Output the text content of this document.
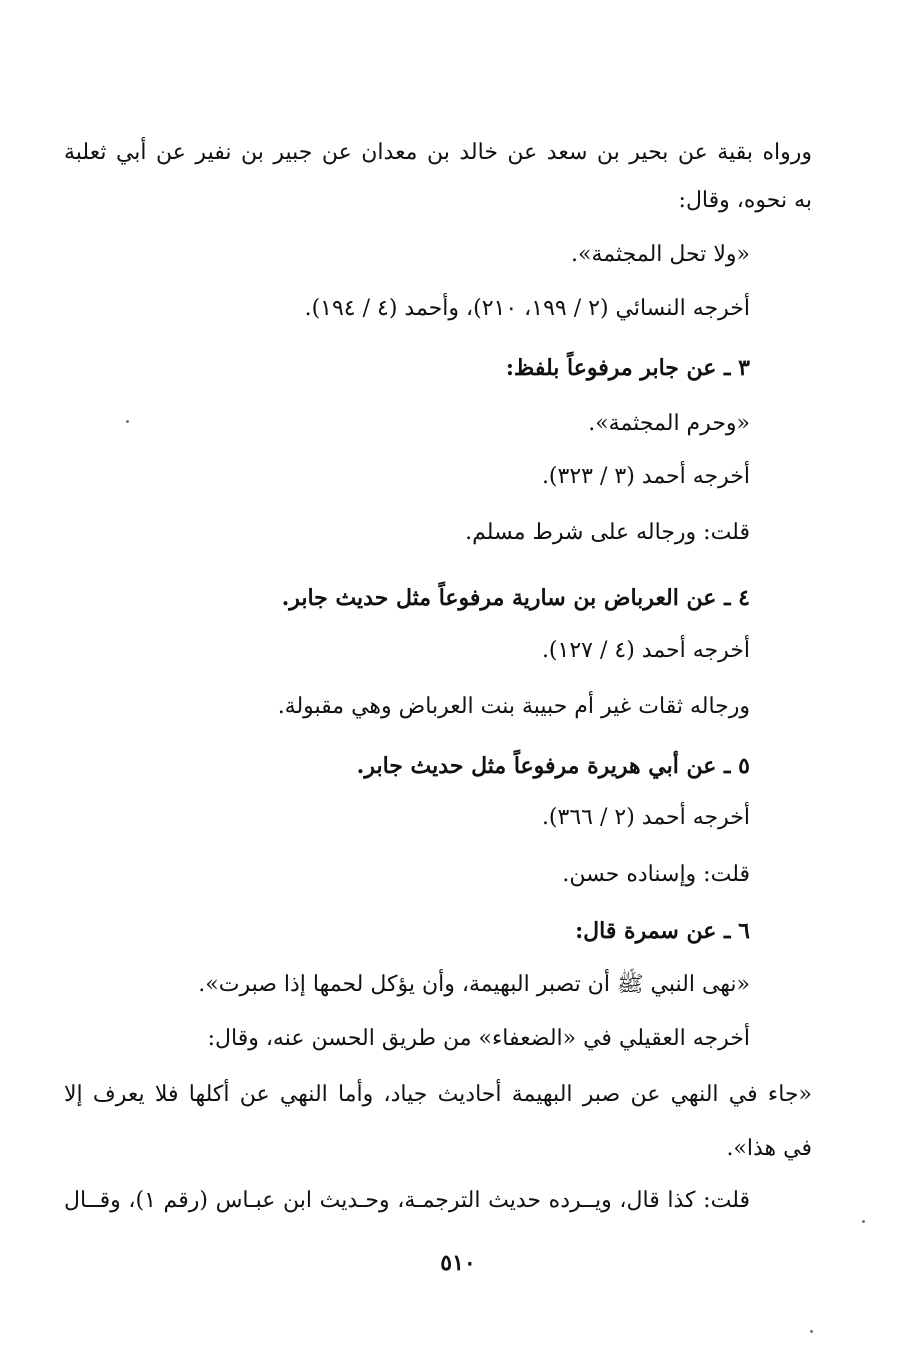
ورواه بقية عن بحير بن سعد عن خالد بن معدان عن جبير بن نفير عن أبي ثعلبة

به نحوه، وقال:

«ولا تحل المجثمة».

أخرجه النسائي (٢ / ١٩٩، ٢١٠)، وأحمد (٤ / ١٩٤).

٣ ـ عن جابر مرفوعاً بلفظ:

«وحرم المجثمة».

أخرجه أحمد (٣ / ٣٢٣).

قلت: ورجاله على شرط مسلم.

٤ ـ عن العرباض بن سارية مرفوعاً مثل حديث جابر.

أخرجه أحمد (٤ / ١٢٧).

ورجاله ثقات غير أم حبيبة بنت العرباض وهي مقبولة.

٥ ـ عن أبي هريرة مرفوعاً مثل حديث جابر.

أخرجه أحمد (٢ / ٣٦٦).

قلت: وإسناده حسن.

٦ ـ عن سمرة قال:

«نهى النبي ﷺ أن تصبر البهيمة، وأن يؤكل لحمها إذا صبرت».

أخرجه العقيلي في «الضعفاء» من طريق الحسن عنه، وقال:

«جاء في النهي عن صبر البهيمة أحاديث جياد، وأما النهي عن أكلها فلا يعرف إلا

في هذا».

قلت: كذا قال، ويــرده حديث الترجمـة، وحـديث ابن عبـاس (رقم ١)، وقــال

٥١٠
